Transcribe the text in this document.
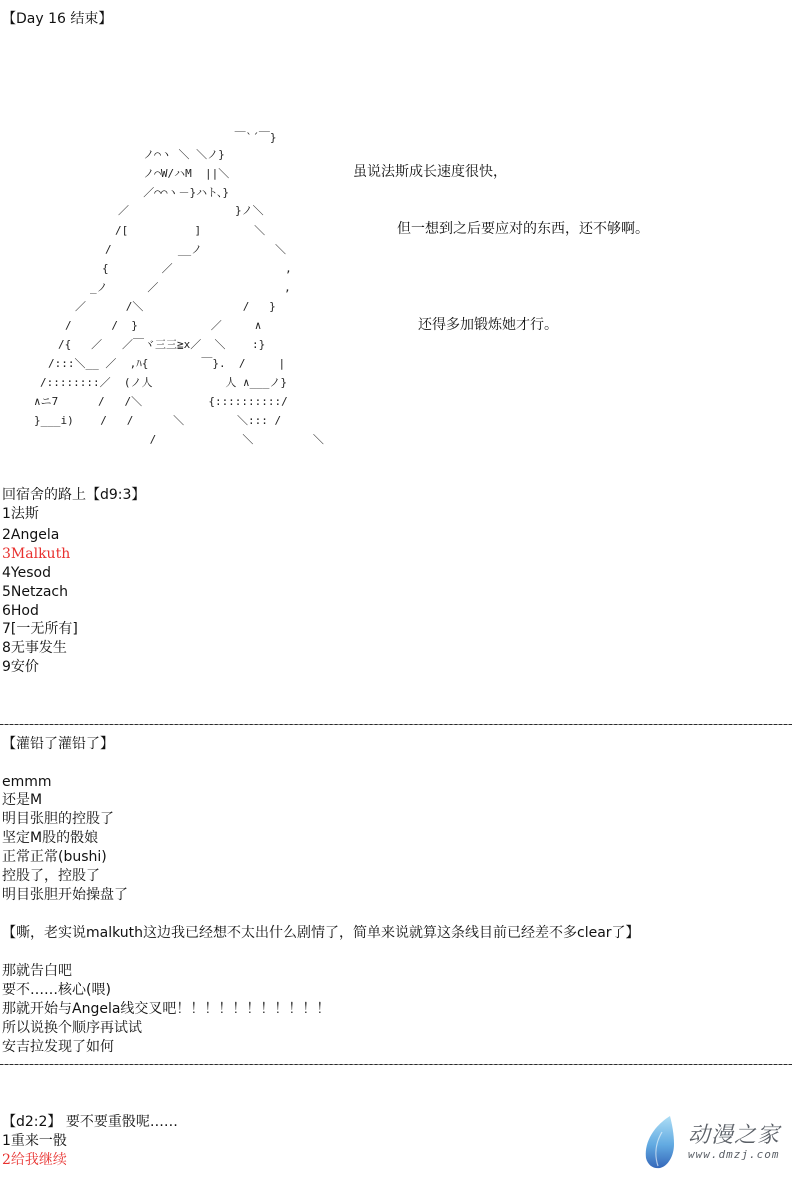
【Day 16 结束】
￣`´￣}
ノ⌒ヽ ＼ ＼ノ}
ノ⌒W/ハM  ||＼
／⌒⌒ヽ－}ハト、}
／                }ノ＼
/[          ]        ＼
/          __ノ           ＼
{        ／                 ,
_ノ      ／                   ,
／      /＼               /   }
/      /  }           ／     ∧
/{   ／   ／￣ヾ三三≧x／  ＼    :}
/:::＼__ ／  ,ﾊ{        ￣}.  /     |
/::::::::／  (ノ人           人 ∧___ノ}
∧ニ7      /   /＼          {::::::::::/
}___i)    /   /      ＼        ＼::: /
/             ＼         ＼
虽说法斯成长速度很快，
但一想到之后要应对的东西，还不够啊。
还得多加锻炼她才行。
回宿舍的路上【d9:3】
1法斯
2Angela
3Malkuth
4Yesod
5Netzach
6Hod
7[一无所有]
8无事发生
9安价
【灌铅了灌铅了】
emmm
还是M
明目张胆的控股了
坚定M股的骰娘
正常正常(bushi)
控股了，控股了
明目张胆开始操盘了
【嘶，老实说malkuth这边我已经想不太出什么剧情了，简单来说就算这条线目前已经差不多clear了】
那就告白吧
要不……核心(喂)
那就开始与Angela线交叉吧！！！！！！！！！！！
所以说换个顺序再试试
安吉拉发现了如何
【d2:2】 要不要重骰呢……
1重来一骰
2给我继续
动漫之家
www.dmzj.com
